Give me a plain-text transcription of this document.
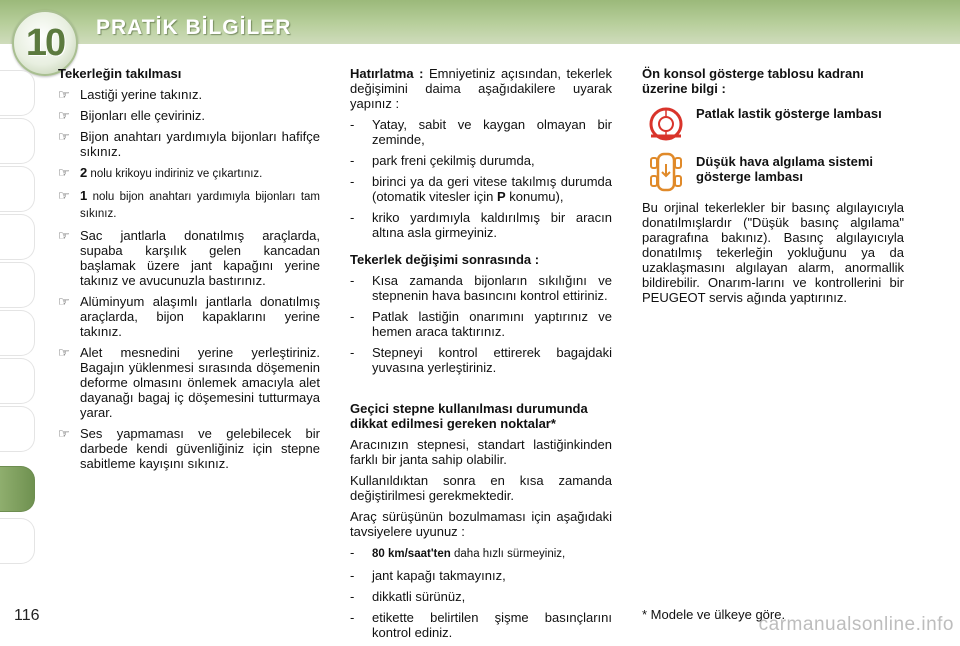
10 PRATİK BİLGİLER
Tekerleğin takılması
☞ Lastiği yerine takınız.
☞ Bijonları elle çeviriniz.
☞ Bijon anahtarı yardımıyla bijonları hafifçe sıkınız.
☞ 2 nolu krikoyu indiriniz ve çıkartınız.
☞ 1 nolu bijon anahtarı yardımıyla bijonları tam sıkınız.
☞ Sac jantlarla donatılmış araçlarda, supaba karşılık gelen kancadan başlamak üzere jant kapağını yerine takınız ve avucunuzla bastırınız.
☞ Alüminyum alaşımlı jantlarla donatılmış araçlarda, bijon kapaklarını yerine takınız.
☞ Alet mesnedini yerine yerleştiriniz. Bagajın yüklenmesi sırasında döşemenin deforme olmasını önlemek amacıyla alet dayanağı bagaj iç döşemesini tutturmaya yarar.
☞ Ses yapmaması ve gelebilecek bir darbede kendi güvenliğiniz için stepne sabitleme kayışını sıkınız.

Hatırlatma : Emniyetiniz açısından, tekerlek değişimini daima aşağıdakilere uyarak yapınız :

-	Yatay, sabit ve kaygan olmayan bir zeminde,
-	park freni çekilmiş durumda,
-	birinci ya da geri vitese takılmış durumda (otomatik vitesler için P konumu),
-	kriko yardımıyla kaldırılmış bir aracın altına asla girmeyiniz.
Tekerlek değişimi sonrasında :
-	Kısa zamanda bijonların sıkılığını ve stepnenin hava basıncını kontrol ettiriniz.
-	Patlak lastiğin onarımını yaptırınız ve hemen araca taktırınız.
-	Stepneyi kontrol ettirerek bagajdaki yuvasına yerleştiriniz.
Geçici stepne kullanılması durumunda dikkat edilmesi gereken noktalar*

Aracınızın stepnesi, standart lastiğinkinden farklı bir janta sahip olabilir.

Kullanıldıktan sonra en kısa zamanda değiştirilmesi gerekmektedir.

Araç sürüşünün bozulmaması için aşağıdaki tavsiyelere uyunuz :

-	80 km/saat'ten daha hızlı sürmeyiniz,
-	jant kapağı takmayınız,
-	dikkatli sürünüz,
-	etikette belirtilen şişme basınçlarını kontrol ediniz.
Ön konsol gösterge tablosu kadranı üzerine bilgi :
Patlak lastik gösterge lambası
Düşük hava algılama sistemi gösterge lambası

Bu orjinal tekerlekler bir basınç algılayıcıyla donatılmışlardır ("Düşük basınç algılama" paragrafına bakınız). Basınç algılayıcıyla donatılmış tekerleğin yokluğunu ya da uzaklaşmasını algılayan alarm, anormallik bildirebilir. Onarım-larını ve kontrollerini bir PEUGEOT servis ağında yaptırınız.

116	* Modele ve ülkeye göre.
carmanualsonline.info
